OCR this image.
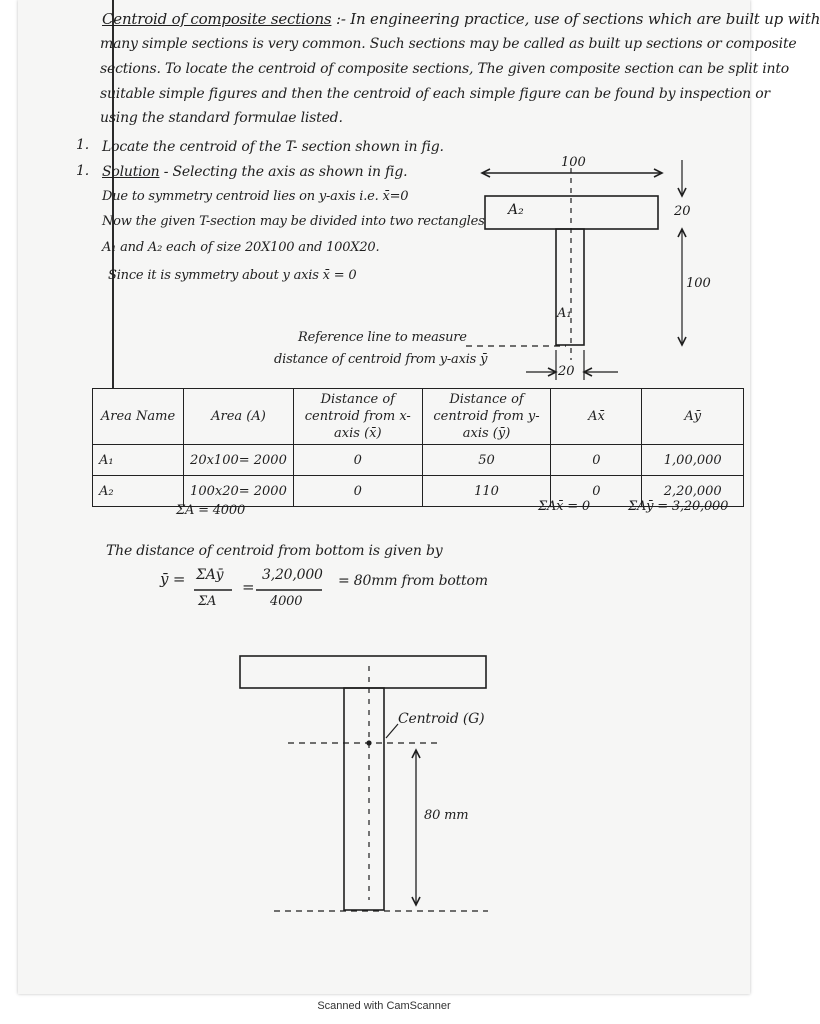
Centroid of composite sections :- In engineering practice, use of sections which are built up with
many simple sections is very common. Such sections may be called as built up sections or composite
sections. To locate the centroid of composite sections, The given composite section can be split into
suitable simple figures and then the centroid of each simple figure can be found by inspection or
using the standard formulae listed.
1. Locate the centroid of the T- section shown in fig.
1. Solution - Selecting the axis as shown in fig.
Due to symmetry centroid lies on y-axis i.e. x̄=0
Now the given T-section may be divided into two rectangles
A₁ and A₂ each of size 20X100 and 100X20.
Since it is symmetry about y axis x̄ = 0
100
20
100
20
A₂
A₁
Reference line to measure
distance of centroid from y-axis ȳ
Area Name	Area (A)	Distance of centroid from x-axis (x̄)	Distance of centroid from y-axis (ȳ)	Ax̄	Aȳ
A₁	20x100= 2000	0	50	0	1,00,000
A₂	100x20= 2000	0	110	0	2,20,000
ΣA = 4000	ΣAx̄ = 0	ΣAȳ = 3,20,000
The distance of centroid from bottom is given by
ȳ = ΣAȳ
ΣA
=
3,20,000
4000
= 80mm from bottom
Centroid (G)
80 mm
Scanned with CamScanner
